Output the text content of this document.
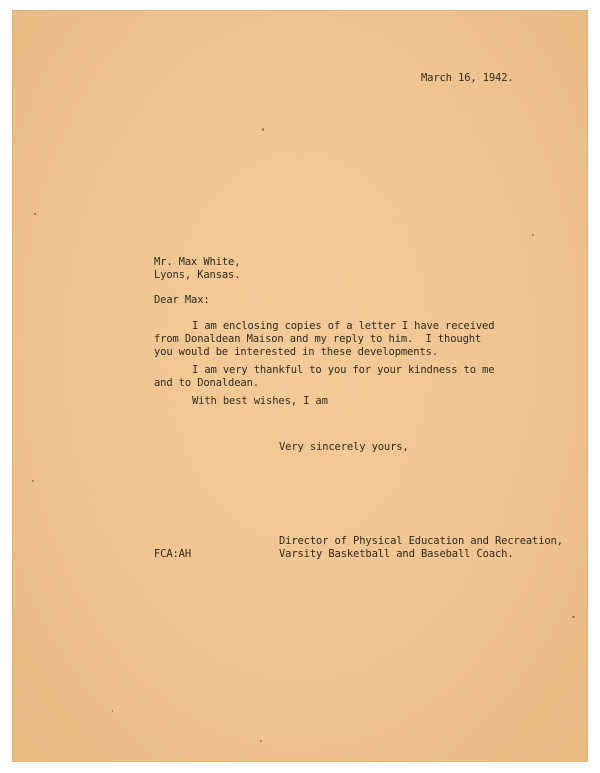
March 16, 1942.
Mr. Max White,
Lyons, Kansas.
Dear Max:
I am enclosing copies of a letter I have received
from Donaldean Maison and my reply to him.  I thought
you would be interested in these developments.
I am very thankful to you for your kindness to me
and to Donaldean.
With best wishes, I am
Very sincerely yours,
Director of Physical Education and Recreation,
Varsity Basketball and Baseball Coach.
FCA:AH
